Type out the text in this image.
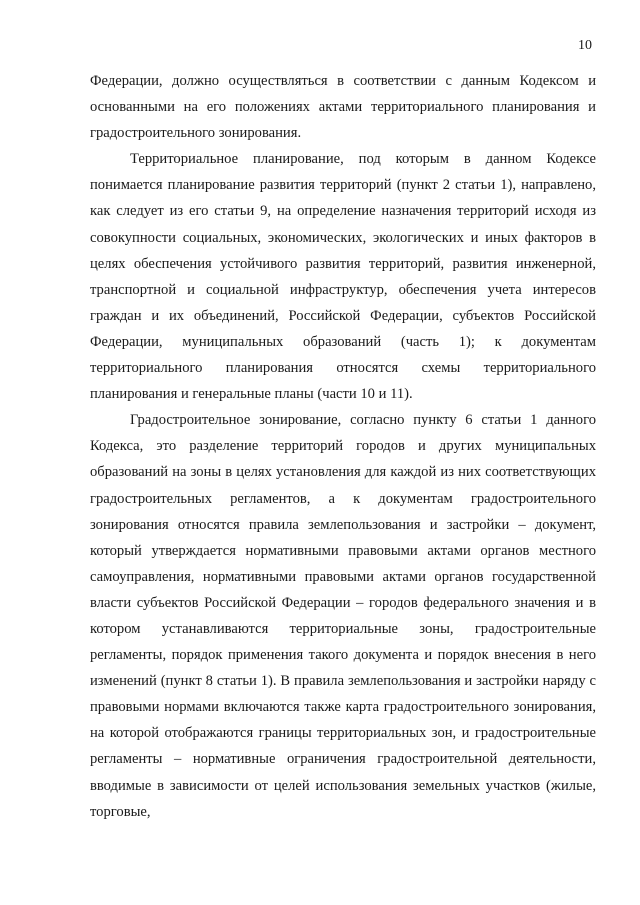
10

Федерации, должно осуществляться в соответствии с данным Кодексом и основанными на его положениях актами территориального планирования и градостроительного зонирования.

Территориальное планирование, под которым в данном Кодексе понимается планирование развития территорий (пункт 2 статьи 1), направлено, как следует из его статьи 9, на определение назначения территорий исходя из совокупности социальных, экономических, экологических и иных факторов в целях обеспечения устойчивого развития территорий, развития инженерной, транспортной и социальной инфраструктур, обеспечения учета интересов граждан и их объединений, Российской Федерации, субъектов Российской Федерации, муниципальных образований (часть 1); к документам территориального планирования относятся схемы территориального планирования и генеральные планы (части 10 и 11).

Градостроительное зонирование, согласно пункту 6 статьи 1 данного Кодекса, это разделение территорий городов и других муниципальных образований на зоны в целях установления для каждой из них соответствующих градостроительных регламентов, а к документам градостроительного зонирования относятся правила землепользования и застройки – документ, который утверждается нормативными правовыми актами органов местного самоуправления, нормативными правовыми актами органов государственной власти субъектов Российской Федерации – городов федерального значения и в котором устанавливаются территориальные зоны, градостроительные регламенты, порядок применения такого документа и порядок внесения в него изменений (пункт 8 статьи 1). В правила землепользования и застройки наряду с правовыми нормами включаются также карта градостроительного зонирования, на которой отображаются границы территориальных зон, и градостроительные регламенты – нормативные ограничения градостроительной деятельности, вводимые в зависимости от целей использования земельных участков (жилые, торговые,
